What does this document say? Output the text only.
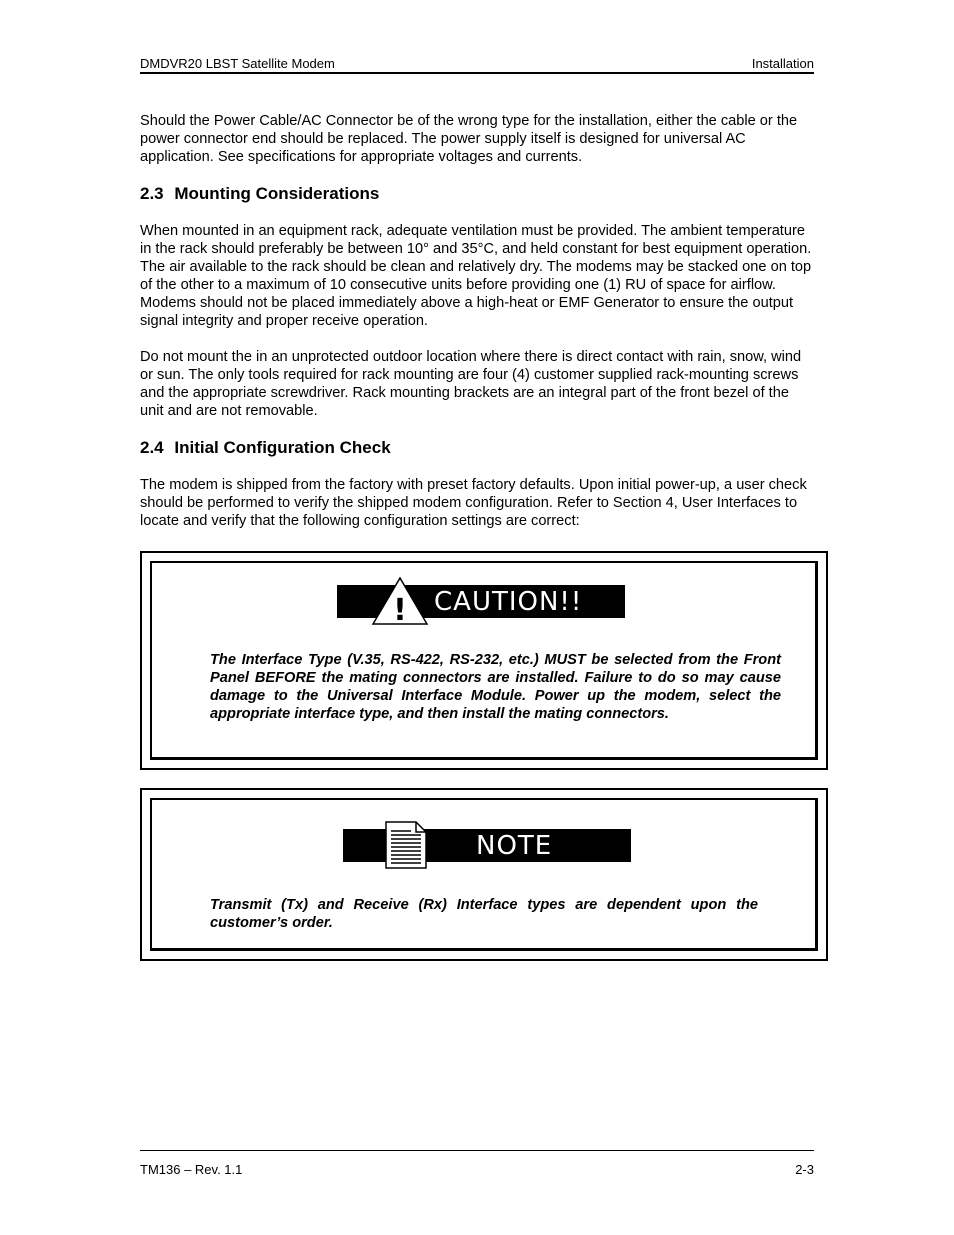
DMDVR20 LBST Satellite Modem	Installation

Should the Power Cable/AC Connector be of the wrong type for the installation, either the cable or the power connector end should be replaced. The power supply itself is designed for universal AC application. See specifications for appropriate voltages and currents.

2.3 Mounting Considerations

When mounted in an equipment rack, adequate ventilation must be provided. The ambient temperature in the rack should preferably be between 10° and 35°C, and held constant for best equipment operation. The air available to the rack should be clean and relatively dry. The modems may be stacked one on top of the other to a maximum of 10 consecutive units before providing one (1) RU of space for airflow. Modems should not be placed immediately above a high-heat or EMF Generator to ensure the output signal integrity and proper receive operation.

Do not mount the in an unprotected outdoor location where there is direct contact with rain, snow, wind or sun. The only tools required for rack mounting are four (4) customer supplied rack-mounting screws and the appropriate screwdriver. Rack mounting brackets are an integral part of the front bezel of the unit and are not removable.

2.4 Initial Configuration Check

The modem is shipped from the factory with preset factory defaults. Upon initial power-up, a user check should be performed to verify the shipped modem configuration. Refer to Section 4, User Interfaces to locate and verify that the following configuration settings are correct:

CAUTION!!
!
The Interface Type (V.35, RS-422, RS-232, etc.) MUST be selected from the Front Panel BEFORE the mating connectors are installed. Failure to do so may cause damage to the Universal Interface Module. Power up the modem, select the appropriate interface type, and then install the mating connectors.
NOTE
Transmit (Tx) and Receive (Rx) Interface types are dependent upon the customer’s order.
TM136 – Rev. 1.1	2-3
